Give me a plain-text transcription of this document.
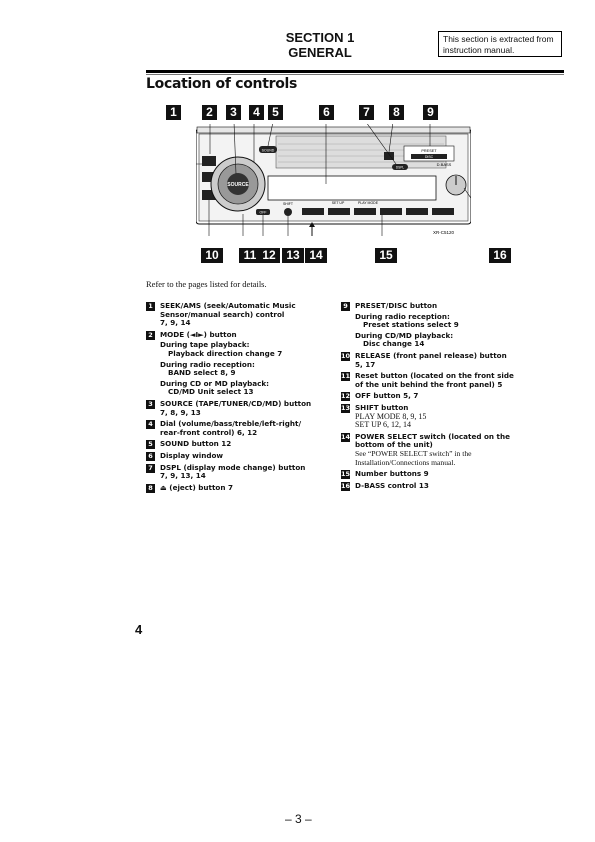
SECTION 1
GENERAL
This section is extracted from instruction manual.
Location of controls
1	2	3	4	5	6	7	8	9
10	11 12 13 14	15	16
SOURCE
SOUND
DSPL
PRESET
DISC
D.BASS
OFF
SHIFT	SET UP	PLAY MODE
XR-C5120
Refer to the pages listed for details.
1	SEEK/AMS (seek/Automatic Music
Sensor/manual search) control
7, 9, 14
2	MODE (◄I►) button
During tape playback:
Playback direction change 7
During radio reception:
BAND select 8, 9
During CD or MD playback:
CD/MD Unit select 13
3	SOURCE (TAPE/TUNER/CD/MD) button
7, 8, 9, 13
4	Dial (volume/bass/treble/left-right/
rear-front control) 6, 12
5	SOUND button 12
6	Display window
7	DSPL (display mode change) button
7, 9, 13, 14
8	⏏ (eject) button 7
9	PRESET/DISC button
During radio reception:
Preset stations select 9
During CD/MD playback:
Disc change 14
10 RELEASE (front panel release) button
5, 17
11 Reset button (located on the front side
of the unit behind the front panel) 5
12 OFF button 5, 7
13 SHIFT button
PLAY MODE 8, 9, 15
SET UP 6, 12, 14
14 POWER SELECT switch (located on the
bottom of the unit)
See “POWER SELECT switch” in the
Installation/Connections manual.
15 Number buttons 9
16 D-BASS control 13
4
– 3 –
